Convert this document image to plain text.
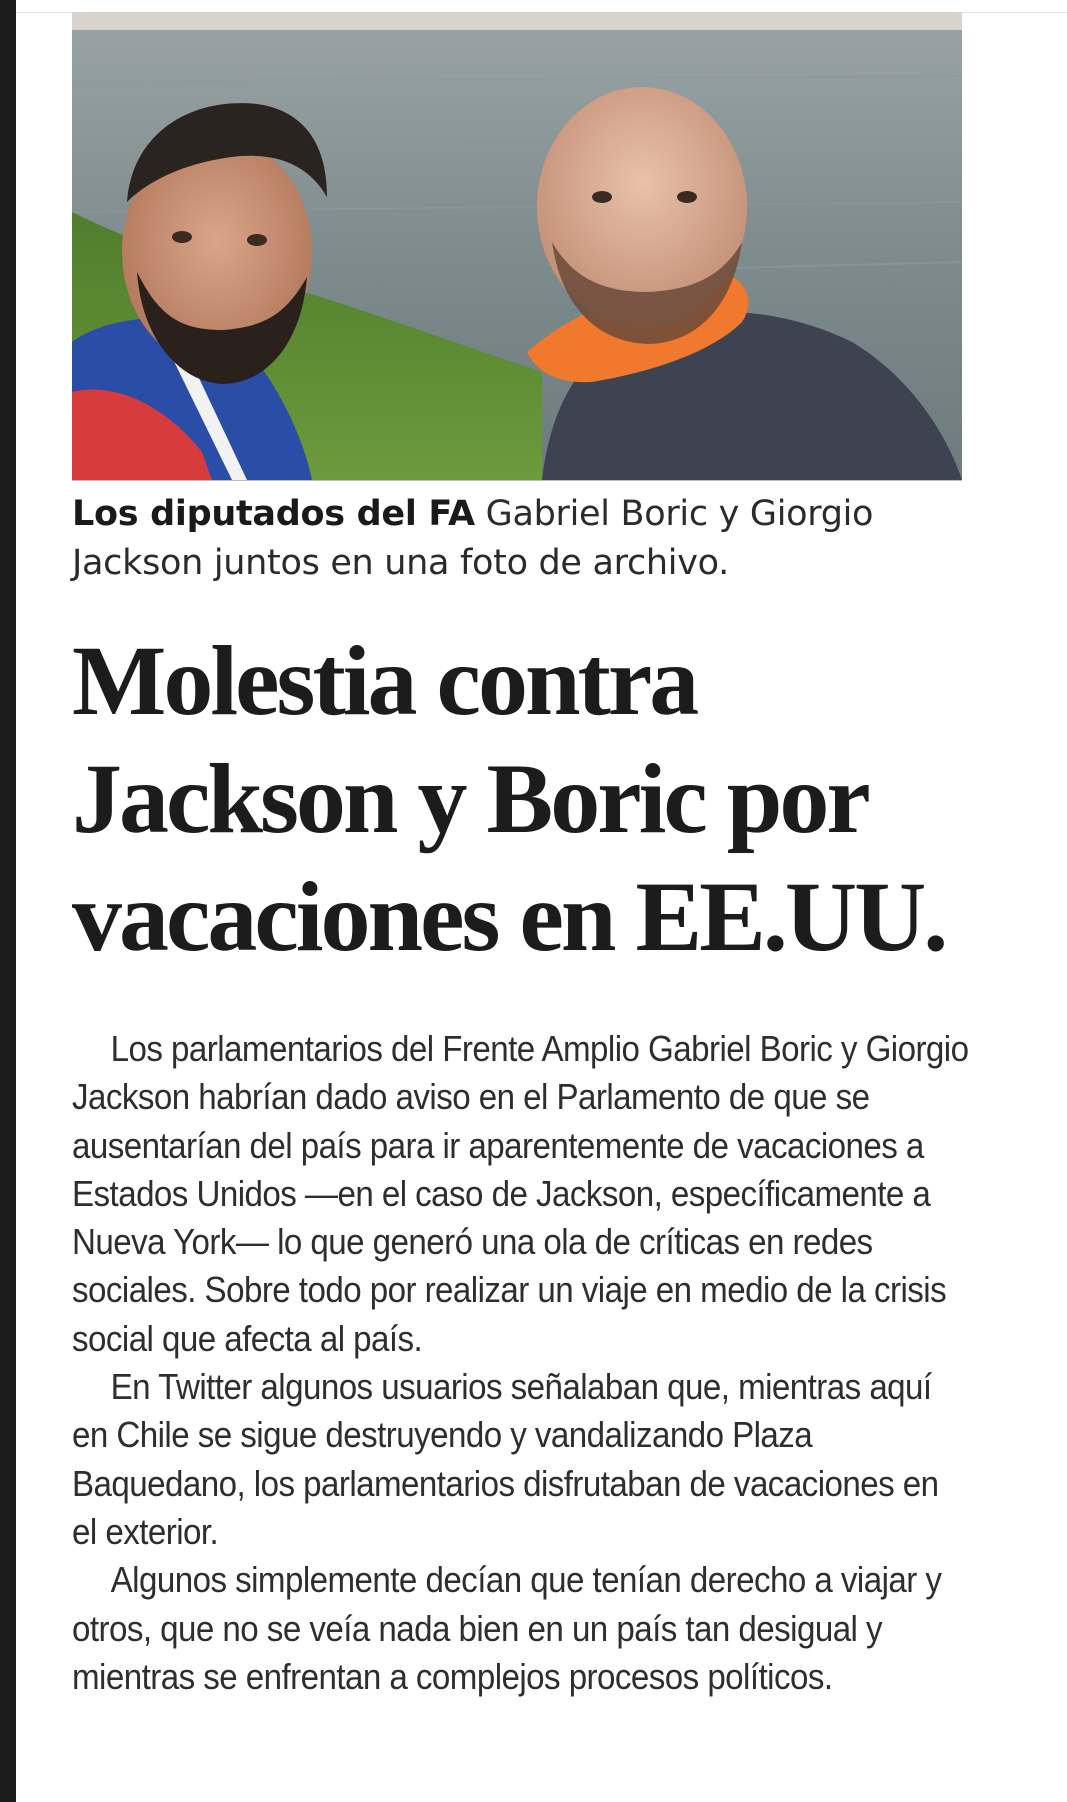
Los diputados del FA Gabriel Boric y Giorgio Jackson juntos en una foto de archivo.
Molestia contra Jackson y Boric por vacaciones en EE.UU.

Los parlamentarios del Frente Amplio Gabriel Boric y Giorgio Jackson habrían dado aviso en el Parlamento de que se ausentarían del país para ir aparentemente de vacaciones a Estados Unidos —en el caso de Jackson, específicamente a Nueva York— lo que generó una ola de críticas en redes sociales. Sobre todo por realizar un viaje en medio de la crisis social que afecta al país.

En Twitter algunos usuarios señalaban que, mientras aquí en Chile se sigue destruyendo y vandalizando Plaza Baquedano, los parlamentarios disfrutaban de vacaciones en el exterior.

Algunos simplemente decían que tenían derecho a viajar y otros, que no se veía nada bien en un país tan desigual y mientras se enfrentan a complejos procesos políticos.
